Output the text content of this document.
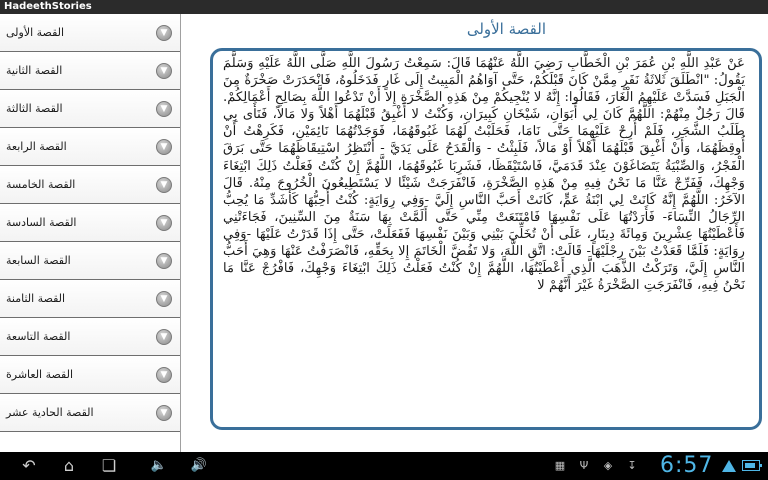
HadeethStories
القصة الأولى	▼
القصة الثانية	▼
القصة الثالثة	▼
القصة الرابعة	▼
القصة الخامسة	▼
القصة السادسة	▼
القصة السابعة	▼
القصة الثامنة	▼
القصة التاسعة	▼
القصة العاشرة	▼
القصة الحادية عشر	▼
القصة الأولى
عَنْ عَبْدِ اللَّهِ بْنِ عُمَرَ بْنِ الْخَطَّابِ رَضِيَ اللَّهُ عَنْهُمَا قَالَ: سَمِعْتُ رَسُولَ اللَّهِ صَلَّى اللَّهُ عَلَيْهِ وَسَلَّمَ يَقُولُ: "انْطَلَقَ ثَلاثَةُ نَفَرٍ مِمَّنْ كَانَ قَبْلَكُمْ، حَتَّى آوَاهُمُ الْمَبِيتُ إِلَى غَارٍ فَدَخَلُوهُ، فَانْحَدَرَتْ صَخْرَةٌ مِنَ الْجَبَلِ فَسَدَّتْ عَلَيْهِمُ الْغَارَ، فَقَالُوا: إِنَّهُ لا يُنْجِيكُمْ مِنْ هَذِهِ الصَّخْرَةِ إِلا أَنْ تَدْعُوا اللَّهَ بِصَالِحِ أَعْمَالِكُمْ. قَالَ رَجُلٌ مِنْهُمْ: اللَّهُمَّ كَانَ لِي أَبَوَانِ، شَيْخَانِ كَبِيرَانِ، وَكُنْتُ لا أَغْبِقُ قَبْلَهُمَا أَهْلاً وَلا مَالاً، فَنَأَى بِي طَلَبُ الشَّجَرِ، فَلَمْ أُرِحْ عَلَيْهِمَا حَتَّى نَامَا، فَحَلَبْتُ لَهُمَا غَبُوقَهُمَا، فَوَجَدْتُهُمَا نَائِمَيْنِ، فَكَرِهْتُ أَنْ أُوقِظَهُمَا، وَأَنْ أَغْبِقَ قَبْلَهُمَا أَهْلاً أَوْ مَالاً، فَلَبِثْتُ - وَالْقَدَحُ عَلَى يَدَيَّ - أَنْتَظِرُ اسْتِيقَاظَهُمَا حَتَّى بَرَقَ الْفَجْرُ، وَالصِّبْيَةُ يَتَضَاغَوْنَ عِنْدَ قَدَمَيَّ، فَاسْتَيْقَظَا، فَشَرِبَا غَبُوقَهُمَا، اللَّهُمَّ إِنْ كُنْتُ فَعَلْتُ ذَلِكَ ابْتِغَاءَ وَجْهِكَ، فَفَرِّجْ عَنَّا مَا نَحْنُ فِيهِ مِنْ هَذِهِ الصَّخْرَةِ، فَانْفَرَجَتْ شَيْئًا لا يَسْتَطِيعُونَ الْخُرُوجَ مِنْهُ. قَالَ الآخَرُ: اللَّهُمَّ إِنَّهُ كَانَتْ لِي ابْنَةُ عَمٍّ، كَانَتْ أَحَبَّ النَّاسِ إِلَيَّ -وَفِي رِوَايَةٍ: كُنْتُ أُحِبُّهَا كَأَشَدِّ مَا يُحِبُّ الرِّجَالُ النِّسَاءَ- فَأَرَدْتُهَا عَلَى نَفْسِهَا فَامْتَنَعَتْ مِنِّي حَتَّى أَلَمَّتْ بِهَا سَنَةٌ مِنَ السِّنِينَ، فَجَاءَتْنِي فَأَعْطَيْتُهَا عِشْرِينَ وَمِائَةَ دِينَارٍ، عَلَى أَنْ تُخَلِّيَ بَيْنِي وَبَيْنَ نَفْسِهَا فَفَعَلَتْ، حَتَّى إِذَا قَدَرْتُ عَلَيْهَا -وَفِي رِوَايَةٍ: فَلَمَّا قَعَدْتُ بَيْنَ رِجْلَيْهَا- قَالَتْ: اتَّقِ اللَّهَ، وَلا تَفُضَّ الْخَاتَمَ إِلا بِحَقِّهِ، فَانْصَرَفْتُ عَنْهَا وَهِيَ أَحَبُّ النَّاسِ إِلَيَّ، وَتَرَكْتُ الذَّهَبَ الَّذِي أَعْطَيْتُهَا، اللَّهُمَّ إِنْ كُنْتُ فَعَلْتُ ذَلِكَ ابْتِغَاءَ وَجْهِكَ، فَافْرُجْ عَنَّا مَا نَحْنُ فِيهِ، فَانْفَرَجَتِ الصَّخْرَةُ غَيْرَ أَنَّهُمْ لا
↶	⌂	❏	🔈	🔊	▦	Ψ	◈	↧ 6:57
